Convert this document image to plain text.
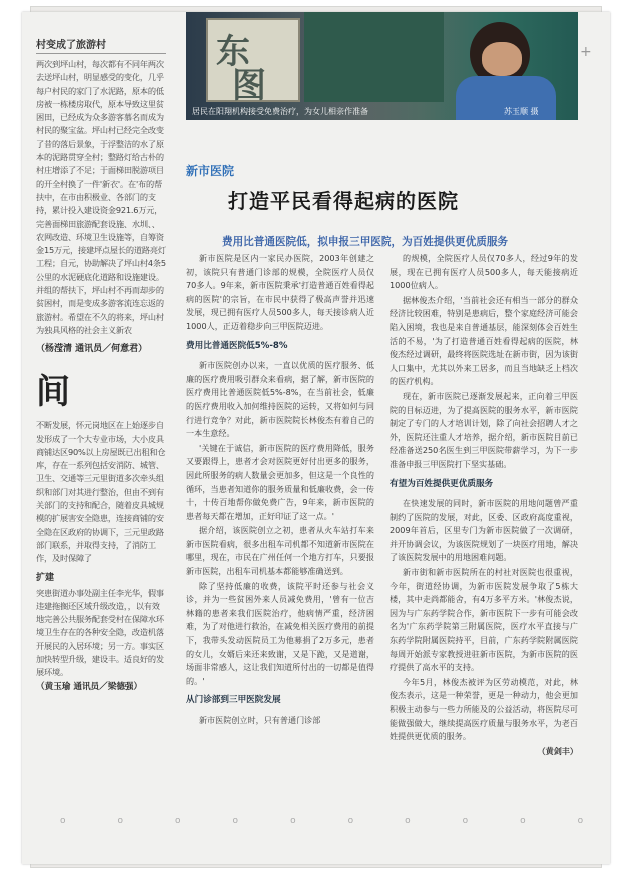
村变成了旅游村
两次到坪山村，每次都有不同年两次去送坪山村，明显感受的变化，几乎每户村民的家门了水泥路，原本的低房被一栋楼房取代，原本导致这里贫困田，已经成为众多游客慕名而成为村民的聚宝盆。坪山村已经完全改变了昔的落后景象，于浮整洁的水了原本的泥路贯穿全村；整路灯给古朴的村庄增添了不足；于面梯田脱游项目的开全村换了一件'新衣'。在'布的帮扶中，在市由积极业、各部门的支持，累计投入建设资金921.6万元，完善面梯田旅游配套设施、水圳、、农网改造、环境卫生设施等，自筹资金15万元，接建坪点屋长的道路亮灯工程；自元，协助解决了坪山村4条5公里的水泥硬底化道路和设施建设。并组的帮扶下，坪山村不再而却步的贫困村，而是变成多游客流连忘返的旅游村。希望在不久的将来，坪山村为独具风格的社会主义新农
（杨滢清 通讯员／何意君）
间
不断发展，怀元岗地区在上始逐步自发形成了一个大专业市场，大小皮具商铺达区90%以上房屋既已出租和仓库，存在一系列包括安消防、城管、卫生、交通等三元里街道多次牵头组织和部门对其进行整治，但由不到有关部门的支持和配合，随着皮具城规模的扩展害安全隐患，连接商铺的安全隐在区政府的协调下，三元里政路部门联系，并取得支持，了消防工作，及时保障了
扩建
突患街道办事处副主任李光华，假事违建拖搁还区域升级改造，，以有效地完善公共服务配套受村在保障水环境卫生存在的各种安全隐，改造机落开展民的入居环境；另一方。事实区加快转型升级，建设丰。适良好的发展环境。
（黄玉瑜 通讯员／梁德强）
东
图
居民在阳翔机构接受免费治疗，为女儿相亲作准备	苏玉顺 摄
新市医院
打造平民看得起病的医院
费用比普通医院低，拟申报三甲医院，为百姓提供更优质服务

新市医院是区内一家民办医院，2003年创建之初，该院只有普通门诊部的规模，全院医疗人员仅70多人。9年来，新市医院秉承'打造普通百姓看得起病的医院'的宗旨，在市民中获得了极高声誉并迅速发展，现已拥有医疗人员500多人，每天接诊病人近1000人，正迈着稳步向三甲医院迈进。

费用比普通医院低5%-8%

新市医院创办以来，一直以优质的医疗服务、低廉的医疗费用吸引群众来看病，据了解，新市医院的医疗费用比普通医院低5%-8%，在当前社会，低廉的医疗费用收入加何维持医院的运转，又将如何与同行进行竞争？对此，新市医院院长林俊杰有着自己的一本生意经。

'关键在于诚信，新市医院的医疗费用降低，服务又要跟得上，患者才会对医院更好付出更多的服务，因此所服务的病人数量会更加多，但这是一个良性的循环，当患者知道你的服务质量和低廉收费，会一传十，十传百地帮你做免费广告，9年来，新市医院的患者每天都在增加，正好印证了这一点。'

据介绍，该医院创立之初，患者从火车站打车来新市医院看病，很多出租车司机都不知道新市医院在哪里，现在，市民在广州任何一个地方打车，只要报新市医院，出租车司机基本都能够准确送到。

除了坚持低廉的收费，该院平时还参与社会义诊，并为一些贫困外来人员减免费用，'曾有一位吉林籍的患者来我们医院治疗，他病情严重，经济困难，为了对他进行救治，在减免相关医疗费用的前提下，我带头发动医院员工为他募捐了2万多元，患者的女儿，女婿后来还来致谢，又是下跪，又是道谢，场面非常感人，这让我们知道所付出的一切都是值得的。'

从门诊部到三甲医院发展

新市医院创立时，只有普通门诊部

的规模，全院医疗人员仅70多人，经过9年的发展，现在已拥有医疗人员500多人，每天能接病近1000位病人。

据林俊杰介绍，'当前社会还有相当一部分的群众经济比较困难，特别是患病后，整个家庭经济可能会陷入困境，我也是来自普通基层，能深刻体会百姓生活的不易，'为了打造普通百姓看得起病的医院，林俊杰经过调研，最终将医院选址在新市街，因为该街人口集中，尤其以外来工居多，而且当地缺乏上档次的医疗机构。

现在，新市医院已逐渐发展起来，正向着三甲医院的目标迈进，为了提高医院的服务水平，新市医院制定了专门的人才培训计划，除了向社会招聘人才之外，医院还注重人才培养，据介绍，新市医院目前已经准备送250名医生到三甲医院带薪学习，为下一步准备申报三甲医院打下坚实基础。

有望为百姓提供更优质服务

在快速发展的同时，新市医院的用地问题曾严重制约了医院的发展，对此，区委、区政府高度重视，2009年首后，区里专门为新市医院做了一次调研，并开协调会议，为该医院规划了一块医疗用地，解决了该医院发展中的用地困难问题。

新市街和新市医院所在的村社对医院也很重视，今年，街道经协调，为新市医院发展争取了5栋大楼，其中走尚都能舍，有4万多平方米。'林俊杰说，因为与广东药学院合作，新市医院下一步有可能会改名为'广东药学院第三附属医院，医疗水平直接与广东药学院附属医院持平，目前，广东药学院附属医院每周开始派专家教授进驻新市医院，为新市医院的医疗提供了高水平的支持。

今年5月，林俊杰被评为区劳动模范，对此，林俊杰表示，这是一种荣誉，更是一种动力，他会更加积极主动参与一些力所能及的公益活动，将医院尽可能做强做大，继续提高医疗质量与服务水平，为老百姓提供更优质的服务。

（黄剑丰）

o	o	o	o	o	o	o	o	o	o
+
